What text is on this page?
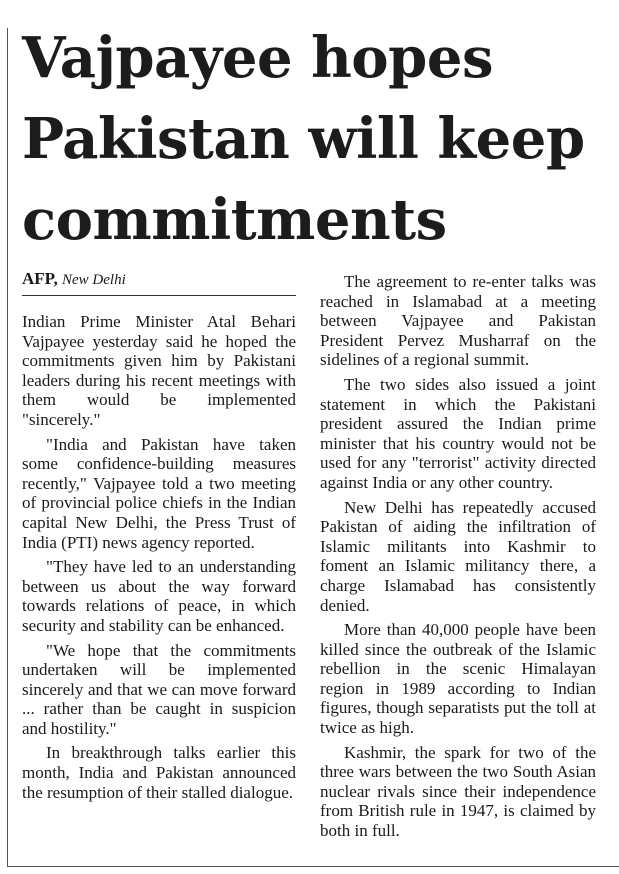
Vajpayee hopes
Pakistan will keep
commitments
AFP, New Delhi

Indian Prime Minister Atal Behari Vajpayee yesterday said he hoped the commitments given him by Pakistani leaders during his recent meetings with them would be implemented "sincerely."

"India and Pakistan have taken some confidence-building measures recently," Vajpayee told a two meeting of provincial police chiefs in the Indian capital New Delhi, the Press Trust of India (PTI) news agency reported.

"They have led to an understanding between us about the way forward towards relations of peace, in which security and stability can be enhanced.

"We hope that the commitments undertaken will be implemented sincerely and that we can move forward ... rather than be caught in suspicion and hostility."

In breakthrough talks earlier this month, India and Pakistan announced the resumption of their stalled dialogue.

The agreement to re-enter talks was reached in Islamabad at a meeting between Vajpayee and Pakistan President Pervez Musharraf on the sidelines of a regional summit.

The two sides also issued a joint statement in which the Pakistani president assured the Indian prime minister that his country would not be used for any "terrorist" activity directed against India or any other country.

New Delhi has repeatedly accused Pakistan of aiding the infiltration of Islamic militants into Kashmir to foment an Islamic militancy there, a charge Islamabad has consistently denied.

More than 40,000 people have been killed since the outbreak of the Islamic rebellion in the scenic Himalayan region in 1989 according to Indian figures, though separatists put the toll at twice as high.

Kashmir, the spark for two of the three wars between the two South Asian nuclear rivals since their independence from British rule in 1947, is claimed by both in full.
